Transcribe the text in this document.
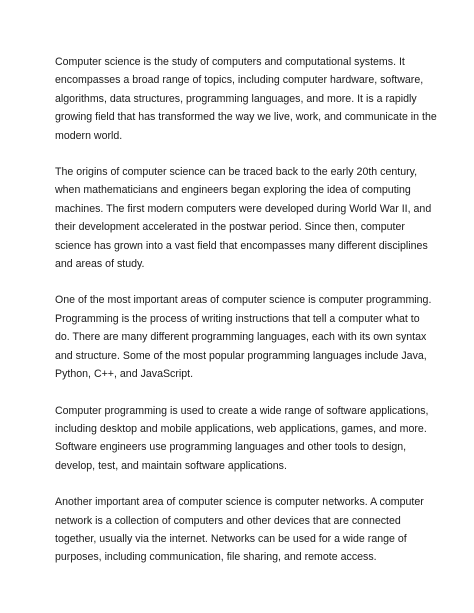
Computer science is the study of computers and computational systems. It
encompasses a broad range of topics, including computer hardware, software,
algorithms, data structures, programming languages, and more. It is a rapidly
growing field that has transformed the way we live, work, and communicate in the
modern world.

The origins of computer science can be traced back to the early 20th century,
when mathematicians and engineers began exploring the idea of computing
machines. The first modern computers were developed during World War II, and
their development accelerated in the postwar period. Since then, computer
science has grown into a vast field that encompasses many different disciplines
and areas of study.

One of the most important areas of computer science is computer programming.
Programming is the process of writing instructions that tell a computer what to
do. There are many different programming languages, each with its own syntax
and structure. Some of the most popular programming languages include Java,
Python, C++, and JavaScript.

Computer programming is used to create a wide range of software applications,
including desktop and mobile applications, web applications, games, and more.
Software engineers use programming languages and other tools to design,
develop, test, and maintain software applications.

Another important area of computer science is computer networks. A computer
network is a collection of computers and other devices that are connected
together, usually via the internet. Networks can be used for a wide range of
purposes, including communication, file sharing, and remote access.
